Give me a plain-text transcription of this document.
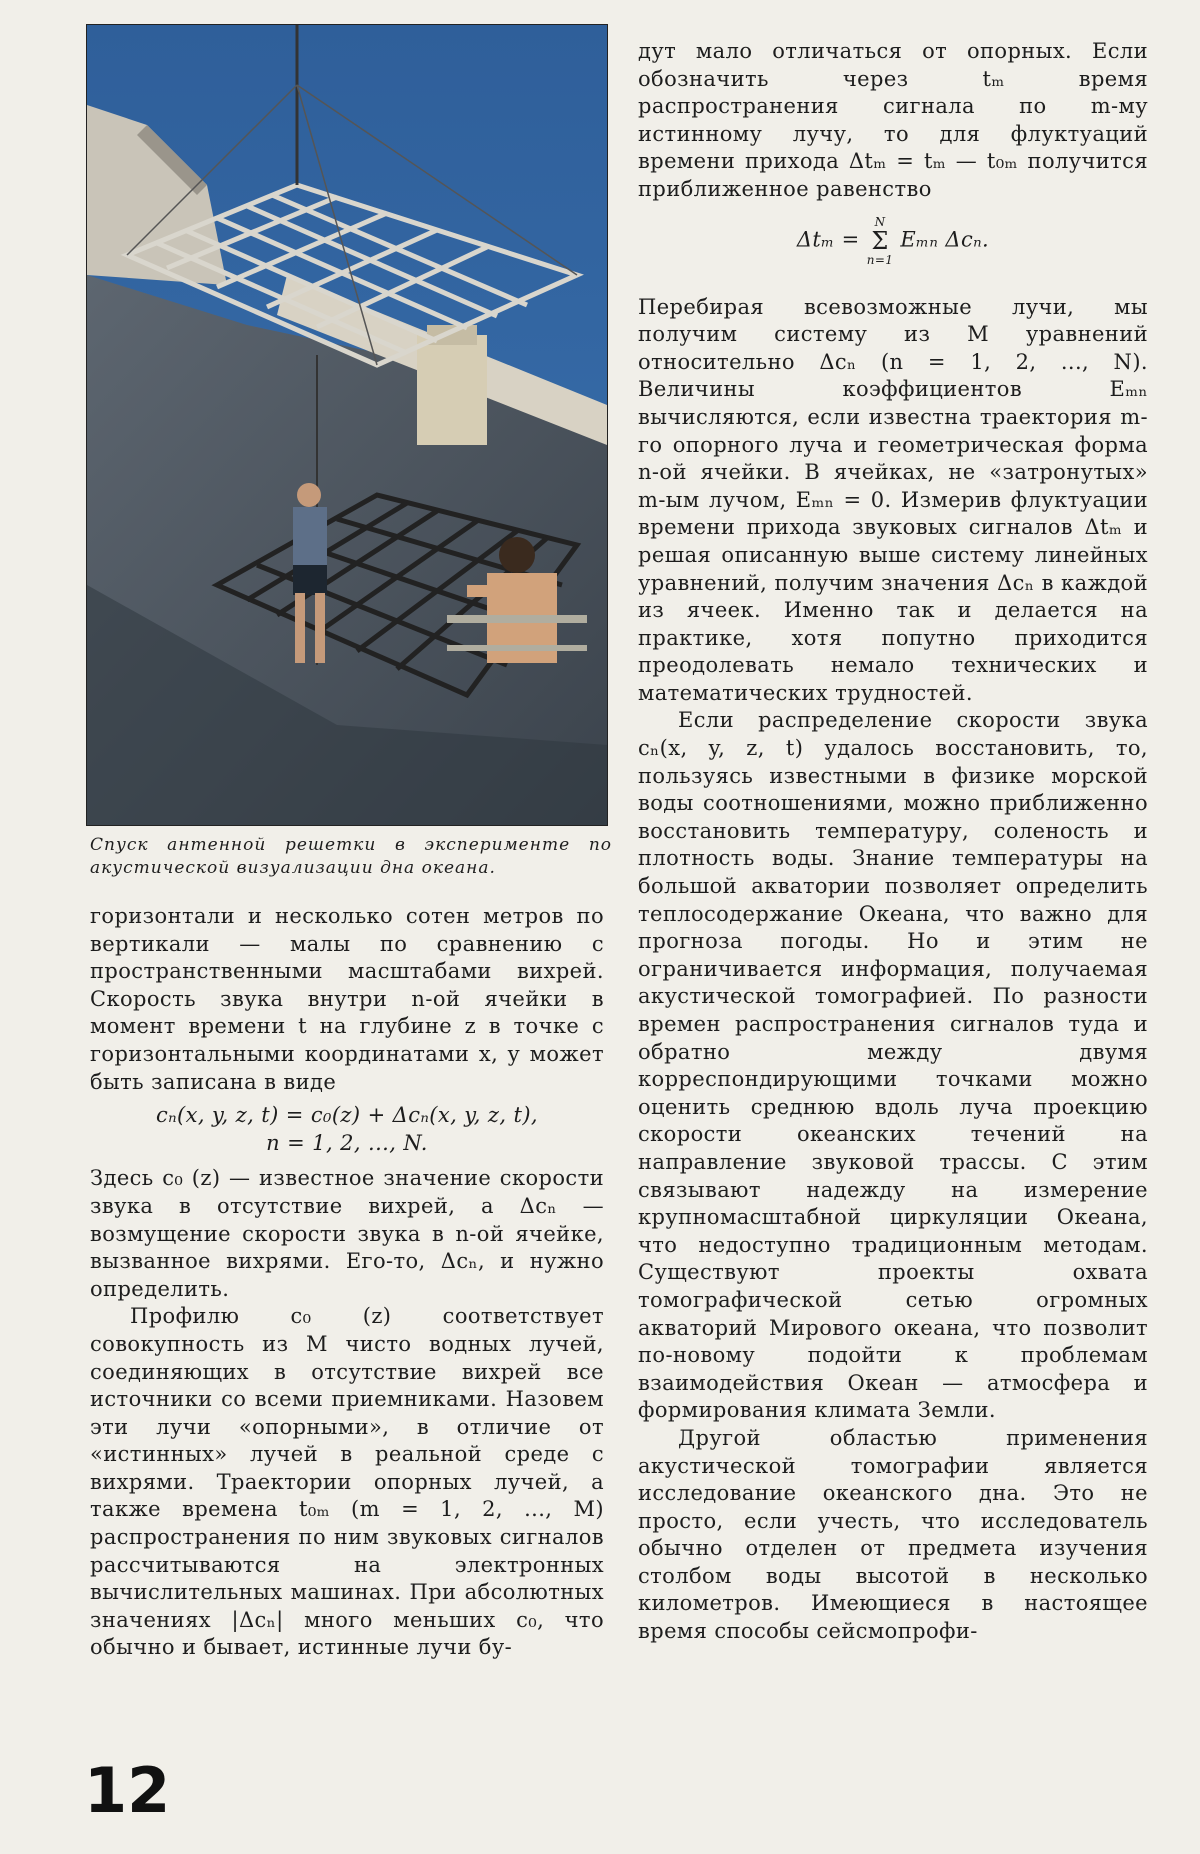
Спуск антенной решетки в эксперименте по акустической визуализации дна океана.

горизонтали и несколько сотен метров по вертикали — малы по сравнению с пространственными масштабами вихрей. Скорость звука внутри n-ой ячейки в момент времени t на глубине z в точке с горизонтальными координатами x, y может быть записана в виде

cₙ(x, y, z, t) = c₀(z) + Δcₙ(x, y, z, t),
n = 1, 2, ..., N.

Здесь c₀ (z) — известное значение скорости звука в отсутствие вихрей, а Δcₙ — возмущение скорости звука в n-ой ячейке, вызванное вихрями. Его-то, Δcₙ, и нужно определить.

Профилю c₀ (z) соответствует совокупность из M чисто водных лучей, соединяющих в отсутствие вихрей все источники со всеми приемниками. Назовем эти лучи «опорными», в отличие от «истинных» лучей в реальной среде с вихрями. Траектории опорных лучей, а также времена t₀ₘ (m = 1, 2, ..., M) распространения по ним звуковых сигналов рассчитываются на электронных вычислительных машинах. При абсолютных значениях |Δcₙ| много меньших c₀, что обычно и бывает, истинные лучи бу-

дут мало отличаться от опорных. Если обозначить через tₘ время распространения сигнала по m-му истинному лучу, то для флуктуаций времени прихода Δtₘ = tₘ — t₀ₘ получится приближенное равенство

Δtₘ =
N
Σ
n=1
Eₘₙ Δcₙ.

Перебирая всевозможные лучи, мы получим систему из M уравнений относительно Δcₙ (n = 1, 2, ..., N). Величины коэффициентов Eₘₙ вычисляются, если известна траектория m-го опорного луча и геометрическая форма n-ой ячейки. В ячейках, не «затронутых» m-ым лучом, Eₘₙ = 0. Измерив флуктуации времени прихода звуковых сигналов Δtₘ и решая описанную выше систему линейных уравнений, получим значения Δcₙ в каждой из ячеек. Именно так и делается на практике, хотя попутно приходится преодолевать немало технических и математических трудностей.

Если распределение скорости звука cₙ(x, y, z, t) удалось восстановить, то, пользуясь известными в физике морской воды соотношениями, можно приближенно восстановить температуру, соленость и плотность воды. Знание температуры на большой акватории позволяет определить теплосодержание Океана, что важно для прогноза погоды. Но и этим не ограничивается информация, получаемая акустической томографией. По разности времен распространения сигналов туда и обратно между двумя корреспондирующими точками можно оценить среднюю вдоль луча проекцию скорости океанских течений на направление звуковой трассы. С этим связывают надежду на измерение крупномасштабной циркуляции Океана, что недоступно традиционным методам. Существуют проекты охвата томографической сетью огромных акваторий Мирового океана, что позволит по-новому подойти к проблемам взаимодействия Океан — атмосфера и формирования климата Земли.

Другой областью применения акустической томографии является исследование океанского дна. Это не просто, если учесть, что исследователь обычно отделен от предмета изучения столбом воды высотой в несколько километров. Имеющиеся в настоящее время способы сейсмопрофи-

12
